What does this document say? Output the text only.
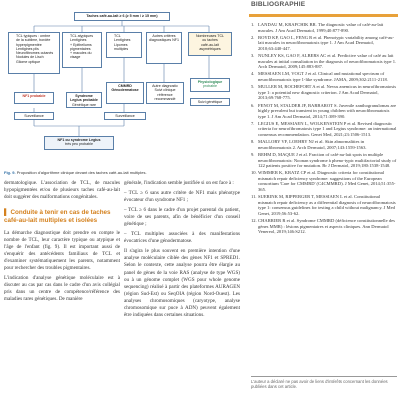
Taches café-au-lait ≥ 6 (≥ 5 mm / ≥ 15 mm)
• TCL typiques : ombre
• de la sublime, bordée
• hyperpigmentée
• Lentigines plis
• Neurofibromes cutanés
• Nodules de Lisch
• Gliome optique
• TCL atypiques
• Lentigines
• + Epitheliums
• pigmentaires
• + macules du visage
• TCL
• Lentigines
• Lipomes multiples
Autres critères
diagnostiques NF1
Nombreuses TCL
ou taches
café-au-lait
asymétriques
NF1 probable	Syndrome Legius probable
Génétique rare
CMMRD
Génodermatose
Autre diagnostic
Suivi clinique
référence recommandé
Physiologique
probable
Surveillance	Surveillance
Suivi génétique
NF1 ou syndrome Legius
très peu probable
Fig. 9. Proposition d'algorithme clinique devant des taches café-au-lait multiples.

dermatologique. L'association de TCL, de macules hypopigmentées et/ou de plusieurs taches café-au-lait doit suggérer des malformations congénitales.

▌ Conduite à tenir en cas de taches café-au-lait multiples et isolées

La démarche diagnostique doit prendre en compte le nombre de TCL, leur caractère typique ou atypique et l'âge de l'enfant (fig. 9). Il est important aussi de s'enquérir des antécédents familiaux de TCL et d'examiner systématiquement les parents, notamment pour rechercher des troubles pigmentaires.

L'indication d'analyse génétique moléculaire est à discuter au cas par cas dans le cadre d'un avis collégial pris dans un centre de compétence/référence des maladies rares génétiques. De manière

générale, l'indication semble justifiée si on est face à :

– TCL ≥ 6 sans autre critère de NF1 mais phénotype évocateur d'un syndrome NF1 ;

– TCL ≥ 6 dans le cadre d'un projet parental du patient, voire de ses parents, afin de bénéficier d'un conseil génétique ;

– TCL multiples associées à des manifestations évocatrices d'une génodermatose.

Il s'agira le plus souvent en première intention d'une analyse moléculaire ciblée des gènes NF1 et SPRED1. Selon le contexte, cette analyse pourra être élargie au panel de gènes de la voie RAS (analyse de type WGS) ou à un génome complet (WGS pour whole genome sequencing) réalisé à partir des plateformes AURAGEN (région Sud-Est) ou SeqOIA (région Nord-Ouest). Les analyses chromosomiques (caryotype, analyse chromosomique sur puce à ADN) peuvent également être indiquées dans certaines situations.

BIBLIOGRAPHIE
1. LANDAU M, KRAFCHIK BR. The diagnostic value of café-au-lait macules. J Am Acad Dermatol, 1999;40:877-890.
2. BOYD KP, GAO L, FENG R et al. Phenotypic variability among café-au-lait macules in neurofibromatosis type 1. J Am Acad Dermatol, 2010;63:440-447.
3. NUNLEY KS, GAO F, ALBERS AC et al. Predictive value of café au lait macules at initial consultation in the diagnosis of neurofibromatosis type 1. Arch Dermatol, 2009;145:883-887.
4. MESSIAEN LM, VOGT J et al. Clinical and mutational spectrum of neurofibromatosis type 1-like syndrome. JAMA, 2009;302:2111-2118.
5. MULLER M, ROCHEFORT A et al. Nevus anemicus in neurofibromatosis type 1: a potential new diagnostic criterion. J Am Acad Dermatol, 2013;69:768-775.
6. FENOT M, STALDER JF, BARBAROT S. Juvenile xanthogranulomas are highly prevalent but transient in young children with neurofibromatosis type 1. J Am Acad Dermatol, 2014;71:389-390.
7. LEGIUS E, MESSIAEN L, WOLKENSTEIN P et al. Revised diagnostic criteria for neurofibromatosis type 1 and Legius syndrome: an international consensus recommendation. Genet Med, 2021;23:1506-1513.
8. MALLORY VF, LOEHRY NJ et al. Skin abnormalities in neurofibromatosis 2. Arch Dermatol, 2007;143:1559-1563.
9. BEHM D, MAQUE J et al. Fraction of café-au-lait spots in multiple neurofibromatosis: Noonan syndrome à pheno-typic multifactorial study of 122 patients positive for mutation. Br J Dermatol, 2019;180:1538-1548.
10. WIMMER K, KRATZ CP et al. Diagnostic criteria for constitutional mismatch repair deficiency syndrome: suggestions of the European consortium 'Care for CMMRD' (C4CMMRD). J Med Genet, 2014;51:355-365.
11. SUERINK M, RIPPERGER T, MESSIAEN L et al. Constitutional mismatch repair deficiency as a differential diagnosis of neurofibromatosis type 1: consensus guidelines for testing a child without malignancy. J Med Genet, 2019;56:53-62.
12. CHARRIER R et al. Syndrome CMMRD (déficience constitutionnelle des gènes MMR) : lésions pigmentaires et aspects cliniques. Ann Dermatol Venereol, 2019;146:S212.
L'auteur a déclaré ne pas avoir de liens d'intérêts concernant les données publiées dans cet article.
